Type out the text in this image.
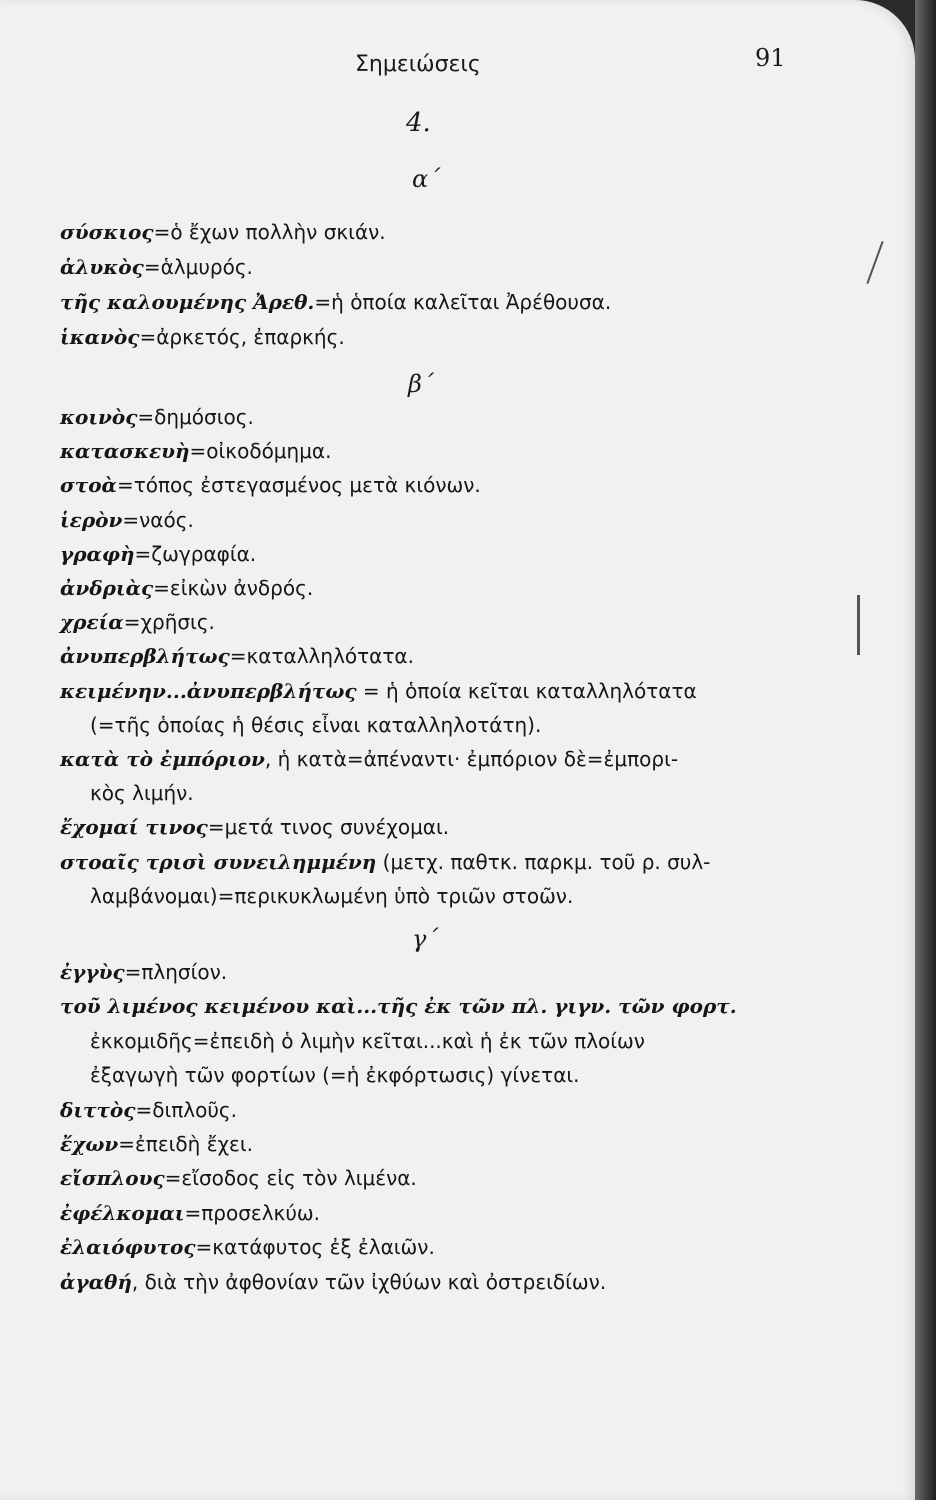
Σημειώσεις	91
4.
α΄
β΄
γ΄
σύσκιος=ὁ ἔχων πολλὴν σκιάν.
ἁλυκὸς=ἁλμυρός.
τῆς καλουμένης Ἀρεθ.=ἡ ὁποία καλεῖται Ἀρέθουσα.
ἱκανὸς=ἀρκετός, ἐπαρκής.
κοινὸς=δημόσιος.
κατασκευὴ=οἰκοδόμημα.
στοὰ=τόπος ἐστεγασμένος μετὰ κιόνων.
ἱερὸν=ναός.
γραφὴ=ζωγραφία.
ἀνδριὰς=εἰκὼν ἀνδρός.
χρεία=χρῆσις.
ἀνυπερβλήτως=καταλληλότατα.
κειμένην...ἀνυπερβλήτως = ἡ ὁποία κεῖται καταλληλότατα
(=τῆς ὁποίας ἡ θέσις εἶναι καταλληλοτάτη).
κατὰ τὸ ἐμπόριον, ἡ κατὰ=ἀπέναντι· ἐμπόριον δὲ=ἐμπορι-
κὸς λιμήν.
ἔχομαί τινος=μετά τινος συνέχομαι.
στοαῖς τρισὶ συνειλημμένη (μετχ. παθτκ. παρκμ. τοῦ ρ. συλ-
λαμβάνομαι)=περικυκλωμένη ὑπὸ τριῶν στοῶν.
ἐγγὺς=πλησίον.
τοῦ λιμένος κειμένου καὶ...τῆς ἐκ τῶν πλ. γιγν. τῶν φορτ.
ἐκκομιδῆς=ἐπειδὴ ὁ λιμὴν κεῖται...καὶ ἡ ἐκ τῶν πλοίων
ἐξαγωγὴ τῶν φορτίων (=ἡ ἐκφόρτωσις) γίνεται.
διττὸς=διπλοῦς.
ἔχων=ἐπειδὴ ἔχει.
εἴσπλους=εἴσοδος εἰς τὸν λιμένα.
ἐφέλκομαι=προσελκύω.
ἐλαιόφυτος=κατάφυτος ἐξ ἐλαιῶν.
ἀγαθή, διὰ τὴν ἀφθονίαν τῶν ἰχθύων καὶ ὀστρειδίων.
